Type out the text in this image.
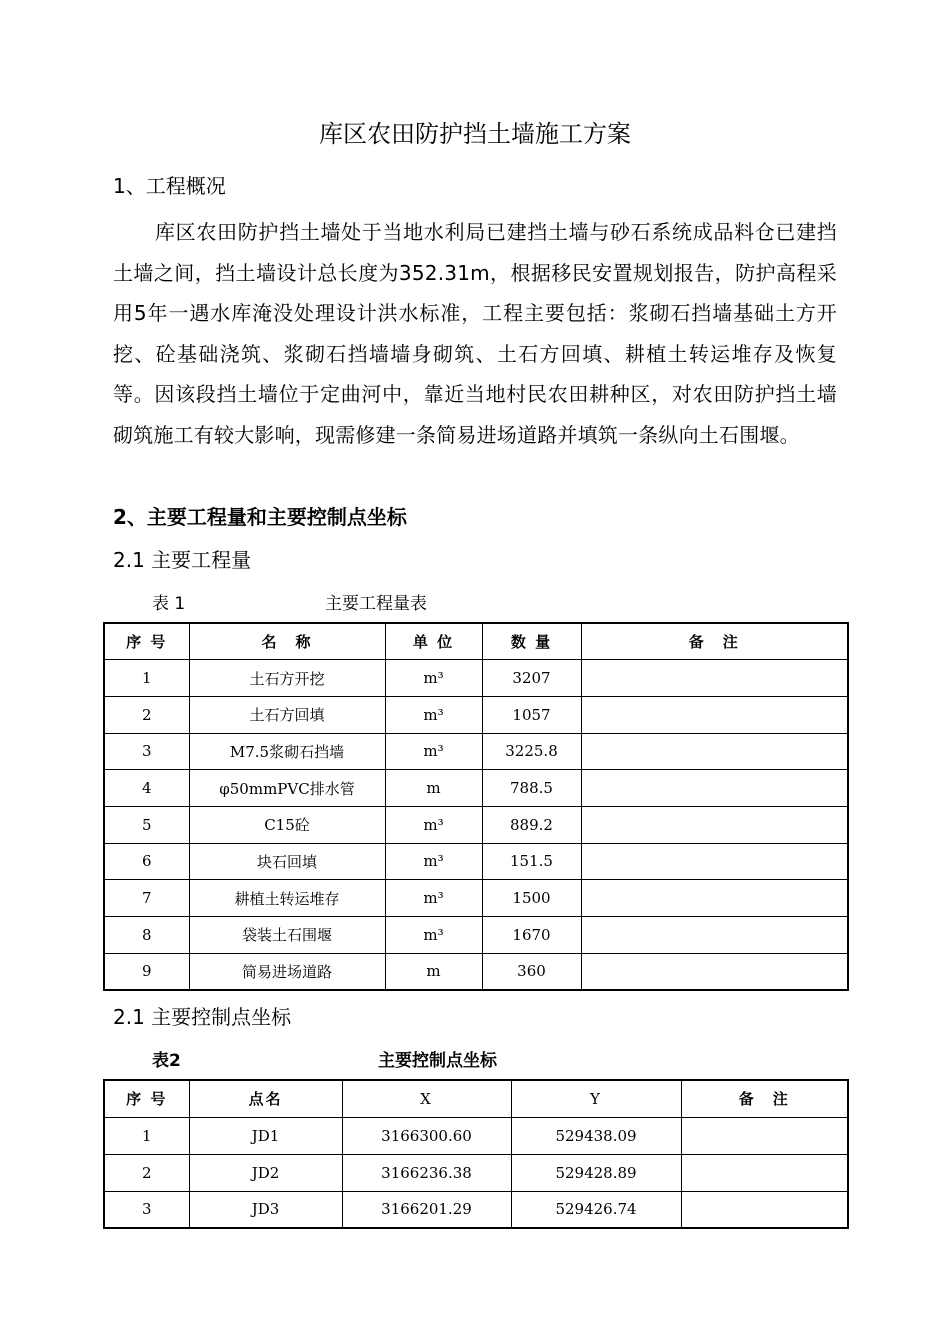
库区农田防护挡土墙施工方案
1、工程概况
库区农田防护挡土墙处于当地水利局已建挡土墙与砂石系统成品料仓已建挡土墙之间，挡土墙设计总长度为352.31m，根据移民安置规划报告，防护高程采用5年一遇水库淹没处理设计洪水标准，工程主要包括：浆砌石挡墙基础土方开挖、砼基础浇筑、浆砌石挡墙墙身砌筑、土石方回填、耕植土转运堆存及恢复等。因该段挡土墙位于定曲河中，靠近当地村民农田耕种区，对农田防护挡土墙砌筑施工有较大影响，现需修建一条简易进场道路并填筑一条纵向土石围堰。
2、主要工程量和主要控制点坐标
2.1 主要工程量
表 1	主要工程量表
序 号	名　称	单 位	数 量	备　注
1	土石方开挖	m³	3207	
2	土石方回填	m³	1057	
3	M7.5浆砌石挡墙	m³	3225.8	
4	φ50mmPVC排水管	m	788.5	
5	C15砼	m³	889.2	
6	块石回填	m³	151.5	
7	耕植土转运堆存	m³	1500	
8	袋装土石围堰	m³	1670	
9	简易进场道路	m	360	
2.1 主要控制点坐标
表2	主要控制点坐标
序 号	点名	X	Y	备　注
1	JD1	3166300.60	529438.09	
2	JD2	3166236.38	529428.89	
3	JD3	3166201.29	529426.74	
